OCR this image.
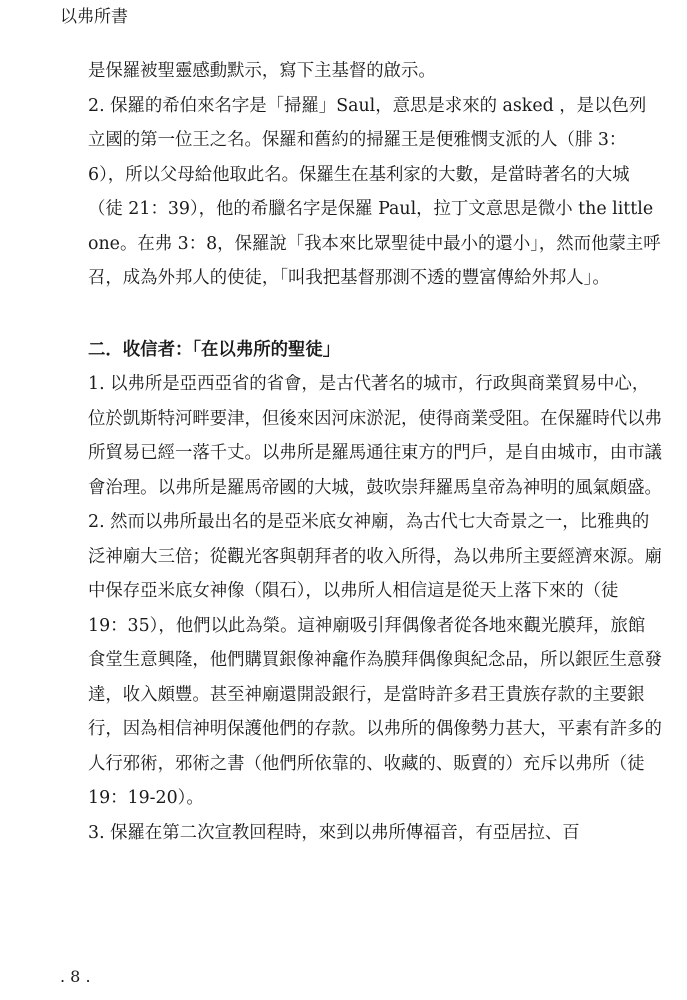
以弗所書

是保羅被聖靈感動默示，寫下主基督的啟示。

2. 保羅的希伯來名字是「掃羅」Saul，意思是求來的 asked ，是以色列立國的第一位王之名。保羅和舊約的掃羅王是便雅憫支派的人（腓 3：6），所以父母給他取此名。保羅生在基利家的大數，是當時著名的大城（徒 21：39），他的希臘名字是保羅 Paul，拉丁文意思是微小 the little one。在弗 3：8，保羅說「我本來比眾聖徒中最小的還小」，然而他蒙主呼召，成為外邦人的使徒，「叫我把基督那測不透的豐富傳給外邦人」。

二．收信者：「在以弗所的聖徒」

1. 以弗所是亞西亞省的省會，是古代著名的城市，行政與商業貿易中心，位於凱斯特河畔要津，但後來因河床淤泥，使得商業受阻。在保羅時代以弗所貿易已經一落千丈。以弗所是羅馬通往東方的門戶，是自由城市，由市議會治理。以弗所是羅馬帝國的大城，鼓吹崇拜羅馬皇帝為神明的風氣頗盛。

2. 然而以弗所最出名的是亞米底女神廟，為古代七大奇景之一，比雅典的泛神廟大三倍；從觀光客與朝拜者的收入所得，為以弗所主要經濟來源。廟中保存亞米底女神像（隕石），以弗所人相信這是從天上落下來的（徒 19：35），他們以此為榮。這神廟吸引拜偶像者從各地來觀光膜拜，旅館食堂生意興隆，他們購買銀像神龕作為膜拜偶像與紀念品，所以銀匠生意發達，收入頗豐。甚至神廟還開設銀行，是當時許多君王貴族存款的主要銀行，因為相信神明保護他們的存款。以弗所的偶像勢力甚大，平素有許多的人行邪術，邪術之書（他們所依靠的、收藏的、販賣的）充斥以弗所（徒 19：19-20）。

3. 保羅在第二次宣教回程時，來到以弗所傳福音，有亞居拉、百

. 8 .
